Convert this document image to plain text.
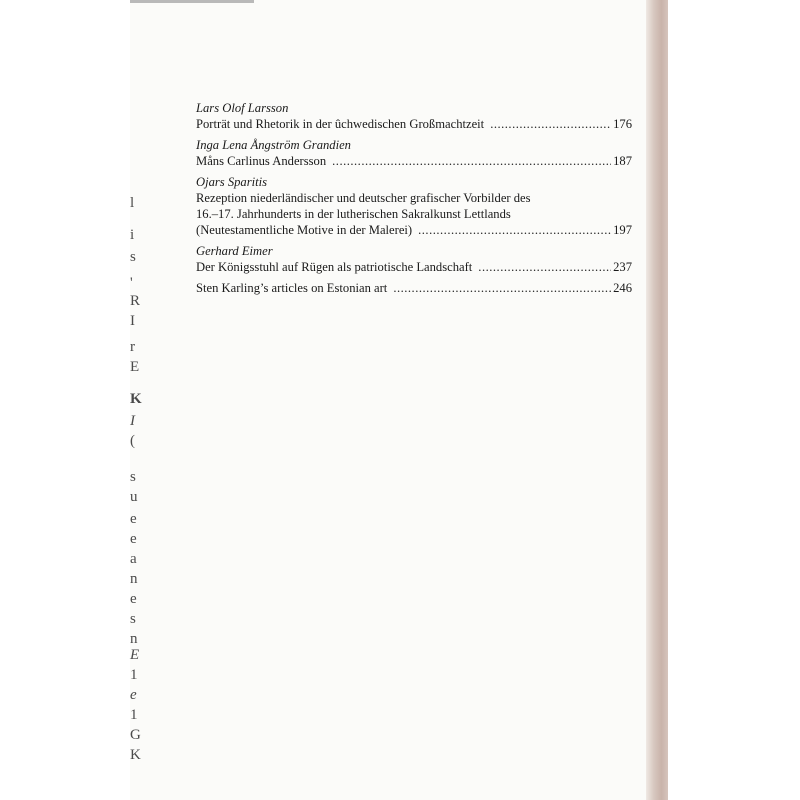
l
i
s
'
R
I
r
E
K
I
(
s
u
e
e
a
n
e
s
n
E
1
e
1
G
K
Lars Olof Larsson
Porträt und Rhetorik in der ûchwedischen Großmachtzeit .....	176
Inga Lena Ångström Grandien
Måns Carlinus Andersson .....	187
Ojars Sparitis
Rezeption niederländischer und deutscher grafischer Vorbilder des
16.–17. Jahrhunderts in der lutherischen Sakralkunst Lettlands
(Neutestamentliche Motive in der Malerei) .....	197
Gerhard Eimer
Der Königsstuhl auf Rügen als patriotische Landschaft .....	237
Sten Karling’s articles on Estonian art .....	246
